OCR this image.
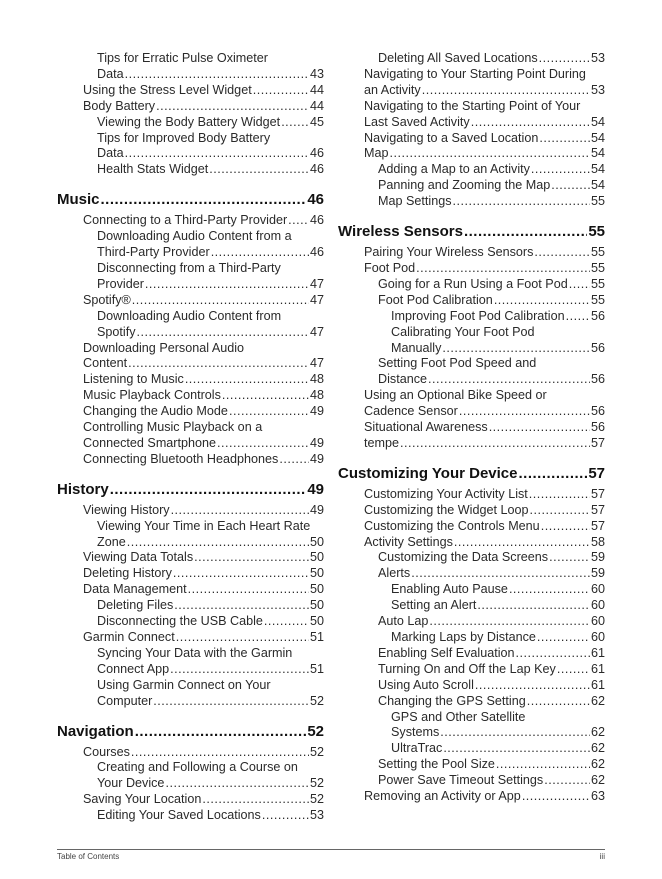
Tips for Erratic Pulse Oximeter
Data .....	43
Using the Stress Level Widget .....	44
Body Battery .....	44
Viewing the Body Battery Widget ..... 45
Tips for Improved Body Battery
Data .....	46
Health Stats Widget .....	46
Music .....	46
Connecting to a Third-Party Provider ..... 46
Downloading Audio Content from a
Third-Party Provider .....	46
Disconnecting from a Third-Party
Provider .....	47
Spotify® .....	47
Downloading Audio Content from
Spotify .....	47
Downloading Personal Audio
Content .....	47
Listening to Music .....	48
Music Playback Controls .....	48
Changing the Audio Mode .....	49
Controlling Music Playback on a
Connected Smartphone .....	49
Connecting Bluetooth Headphones .....	49
History .....	49
Viewing History .....	49
Viewing Your Time in Each Heart Rate
Zone .....	50
Viewing Data Totals .....	50
Deleting History .....	50
Data Management .....	50
Deleting Files .....	50
Disconnecting the USB Cable .....	50
Garmin Connect .....	51
Syncing Your Data with the Garmin
Connect App .....	51
Using Garmin Connect on Your
Computer .....	52
Navigation .....	52
Courses .....	52
Creating and Following a Course on
Your Device .....	52
Saving Your Location .....	52
Editing Your Saved Locations .....	53
Deleting All Saved Locations .....	53
Navigating to Your Starting Point During
an Activity .....	53
Navigating to the Starting Point of Your
Last Saved Activity .....	54
Navigating to a Saved Location .....	54
Map .....	54
Adding a Map to an Activity .....	54
Panning and Zooming the Map .....	54
Map Settings .....	55
Wireless Sensors .....	55
Pairing Your Wireless Sensors .....	55
Foot Pod .....	55
Going for a Run Using a Foot Pod ..... 55
Foot Pod Calibration .....	55
Improving Foot Pod Calibration ..... 56
Calibrating Your Foot Pod
Manually .....	56
Setting Foot Pod Speed and
Distance .....	56
Using an Optional Bike Speed or
Cadence Sensor .....	56
Situational Awareness .....	56
tempe .....	57
Customizing Your Device .....	57
Customizing Your Activity List .....	57
Customizing the Widget Loop .....	57
Customizing the Controls Menu .....	57
Activity Settings .....	58
Customizing the Data Screens .....	59
Alerts .....	59
Enabling Auto Pause .....	60
Setting an Alert .....	60
Auto Lap .....	60
Marking Laps by Distance .....	60
Enabling Self Evaluation .....	61
Turning On and Off the Lap Key .....	61
Using Auto Scroll .....	61
Changing the GPS Setting .....	62
GPS and Other Satellite
Systems .....	62
UltraTrac .....	62
Setting the Pool Size .....	62
Power Save Timeout Settings .....	62
Removing an Activity or App .....	63
Table of Contents	iii
